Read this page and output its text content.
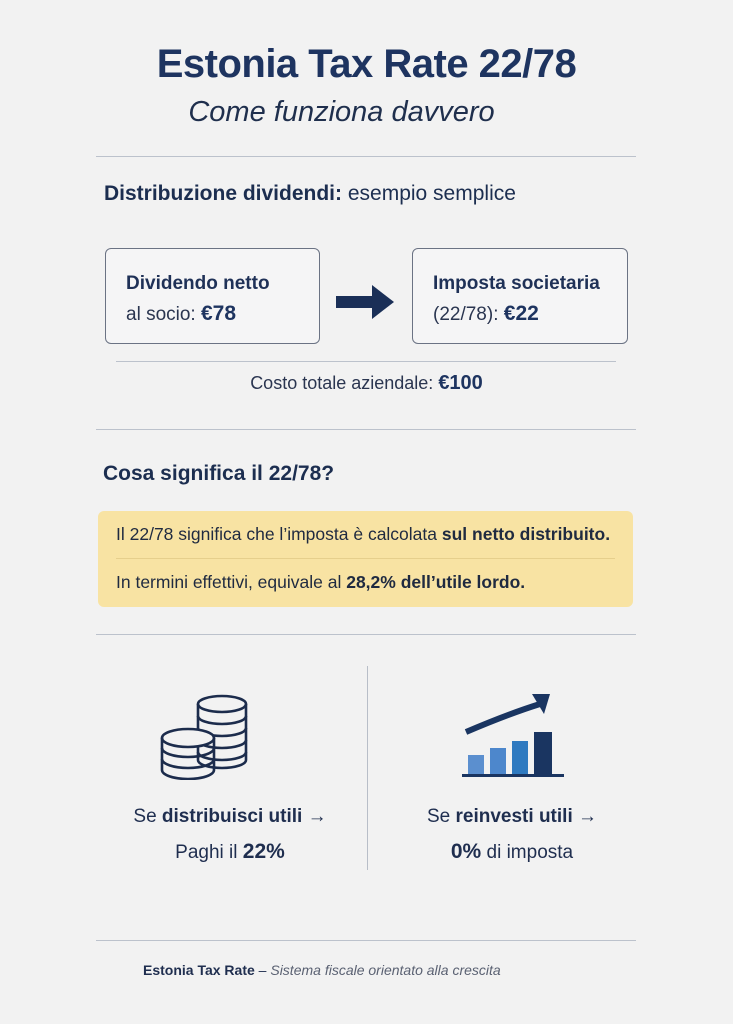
Estonia Tax Rate 22/78
Come funziona davvero
Distribuzione dividendi: esempio semplice
Dividendo netto
al socio: €78
Imposta societaria
(22/78): €22
Costo totale aziendale: €100
Cosa significa il 22/78?
Il 22/78 significa che l’imposta è calcolata sul netto distribuito.
In termini effettivi, equivale al 28,2% dell’utile lordo.
Se distribuisci utili →
Paghi il 22%
Se reinvesti utili →
0% di imposta
Estonia Tax Rate – Sistema fiscale orientato alla crescita
